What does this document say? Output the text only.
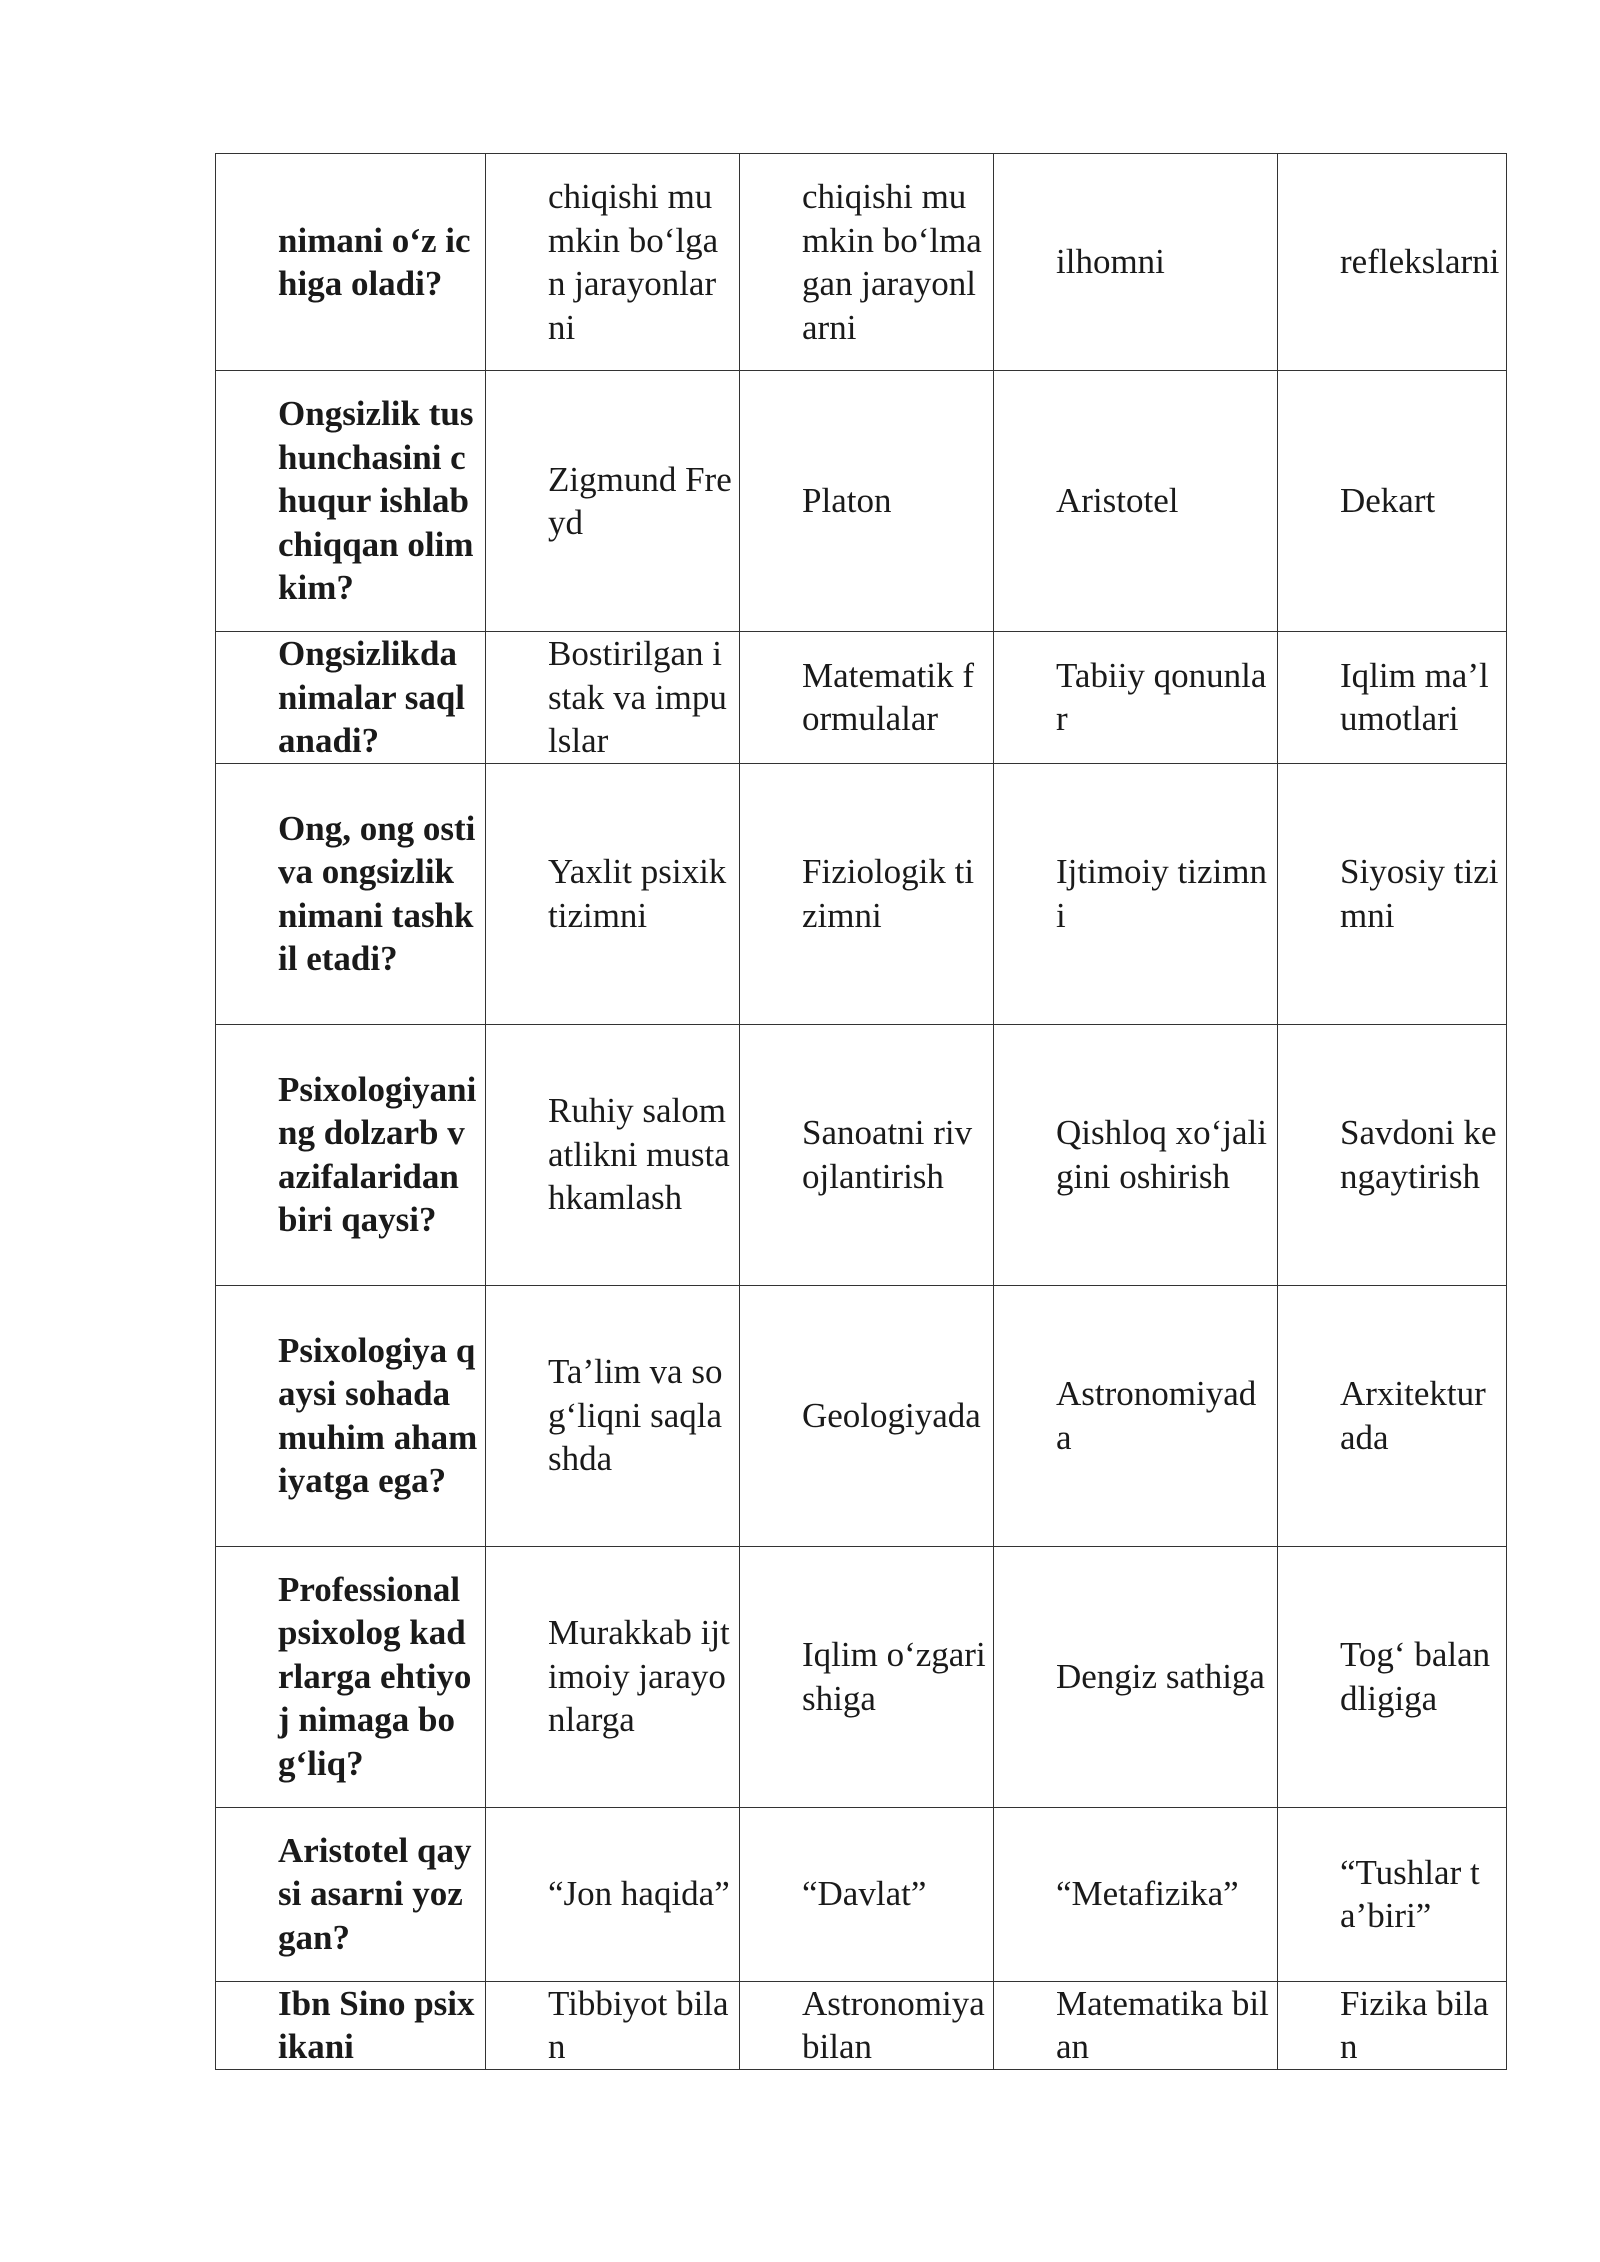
nimani o‘z ichiga oladi?	chiqishi mumkin bo‘lgan jarayonlarni	chiqishi mumkin bo‘lmagan jarayonlarni	ilhomni	reflekslarni
Ongsizlik tushunchasini chuqur ishlab chiqqan olim kim?	Zigmund Freyd	Platon	Aristotel	Dekart
Ongsizlikda nimalar saqlanadi?	Bostirilgan istak va impulslar	Matematik formulalar	Tabiiy qonunlar	Iqlim ma’lumotlari
Ong, ong osti va ongsizlik nimani tashkil etadi?	Yaxlit psixik tizimni	Fiziologik tizimni	Ijtimoiy tizimni	Siyosiy tizimni
Psixologiyaning dolzarb vazifalaridan biri qaysi?	Ruhiy salomatlikni mustahkamlash	Sanoatni rivojlantirish	Qishloq xo‘jaligini oshirish	Savdoni kengaytirish
Psixologiya qaysi sohada muhim ahamiyatga ega?	Ta’lim va sog‘liqni saqlashda	Geologiyada	Astronomiyada	Arxitekturada
Professional psixolog kadrlarga ehtiyoj nimaga bog‘liq?	Murakkab ijtimoiy jarayonlarga	Iqlim o‘zgarishiga	Dengiz sathiga	Tog‘ balandligiga
Aristotel qaysi asarni yozgan?	“Jon haqida”	“Davlat”	“Metafizika”	“Tushlar ta’biri”
Ibn Sino psixikani	Tibbiyot bilan	Astronomiya bilan	Matematika bilan	Fizika bilan
